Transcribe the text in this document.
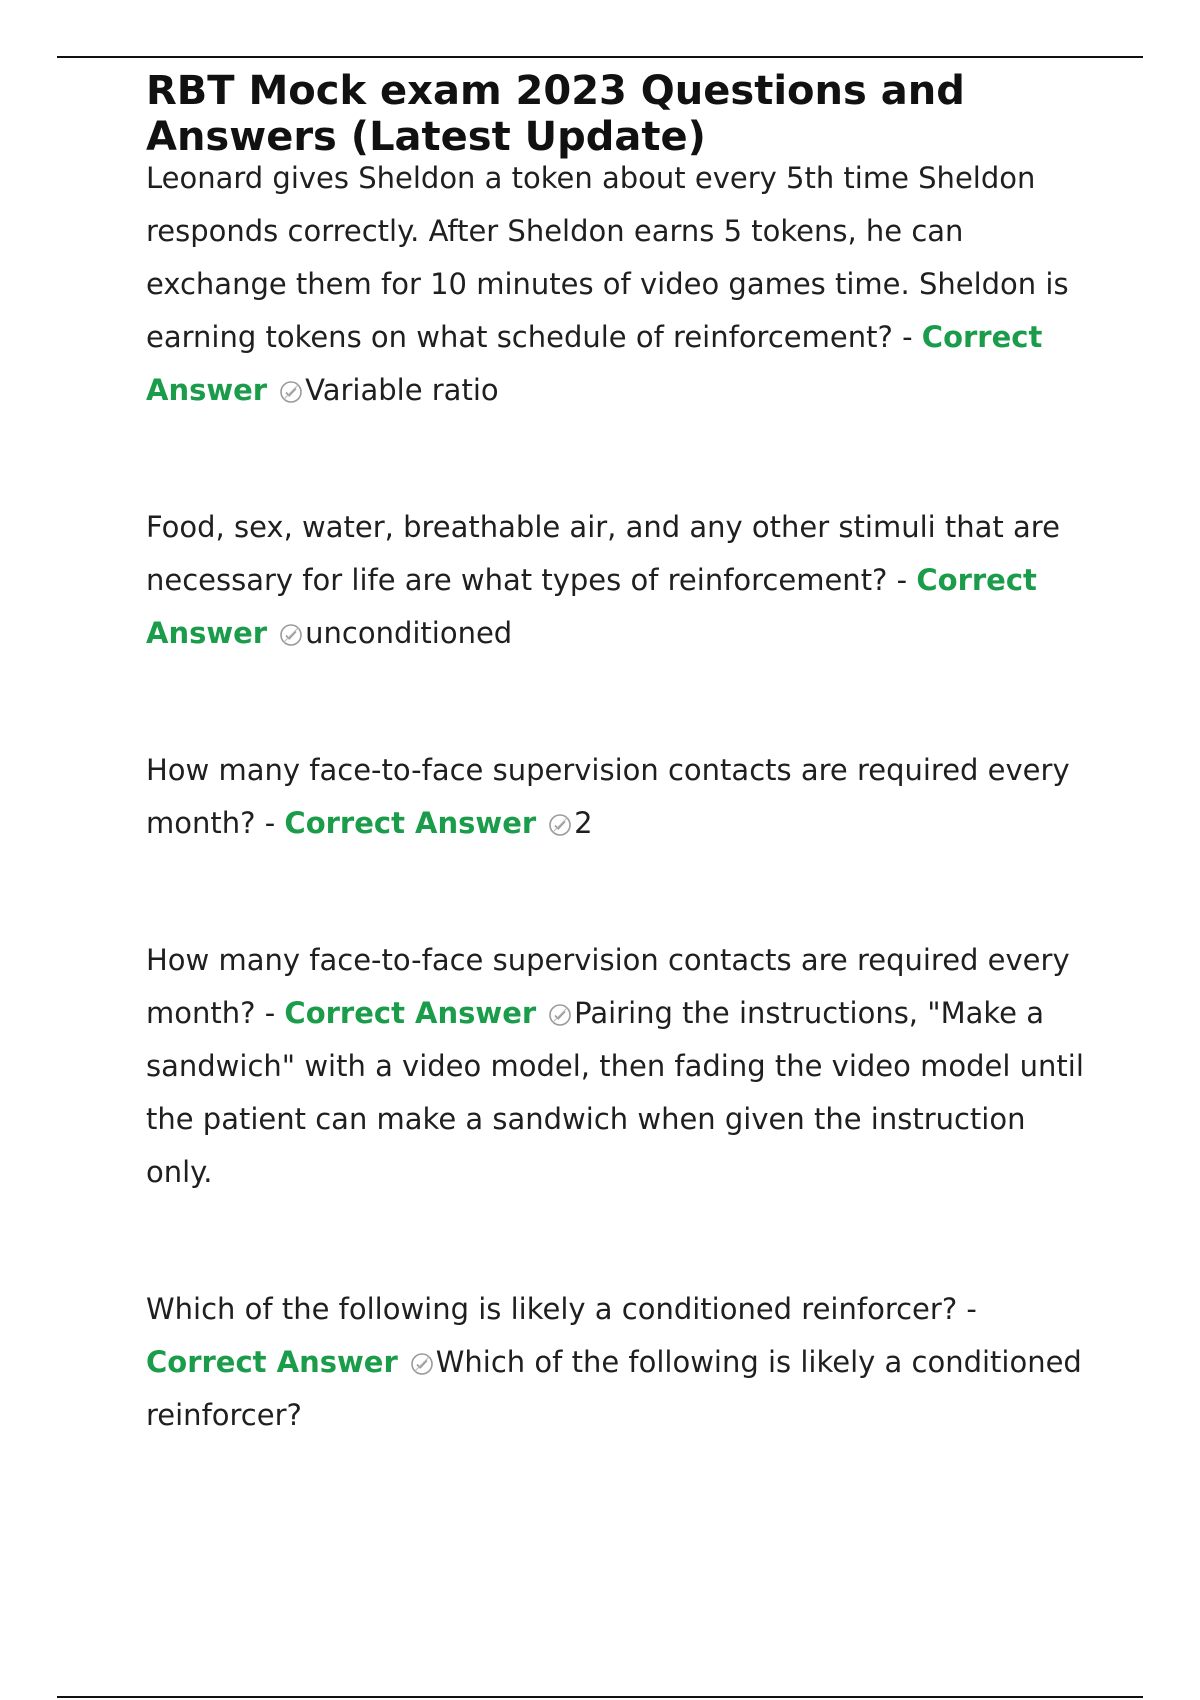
RBT Mock exam 2023 Questions and Answers (Latest Update)

Leonard gives Sheldon a token about every 5th time Sheldon responds correctly. After Sheldon earns 5 tokens, he can exchange them for 10 minutes of video games time. Sheldon is earning tokens on what schedule of reinforcement? - Correct Answer Variable ratio

Food, sex, water, breathable air, and any other stimuli that are necessary for life are what types of reinforcement? - Correct Answer unconditioned

How many face-to-face supervision contacts are required every month? - Correct Answer 2

How many face-to-face supervision contacts are required every month? - Correct Answer Pairing the instructions, "Make a sandwich" with a video model, then fading the video model until the patient can make a sandwich when given the instruction only.

Which of the following is likely a conditioned reinforcer? - Correct Answer Which of the following is likely a conditioned reinforcer?
